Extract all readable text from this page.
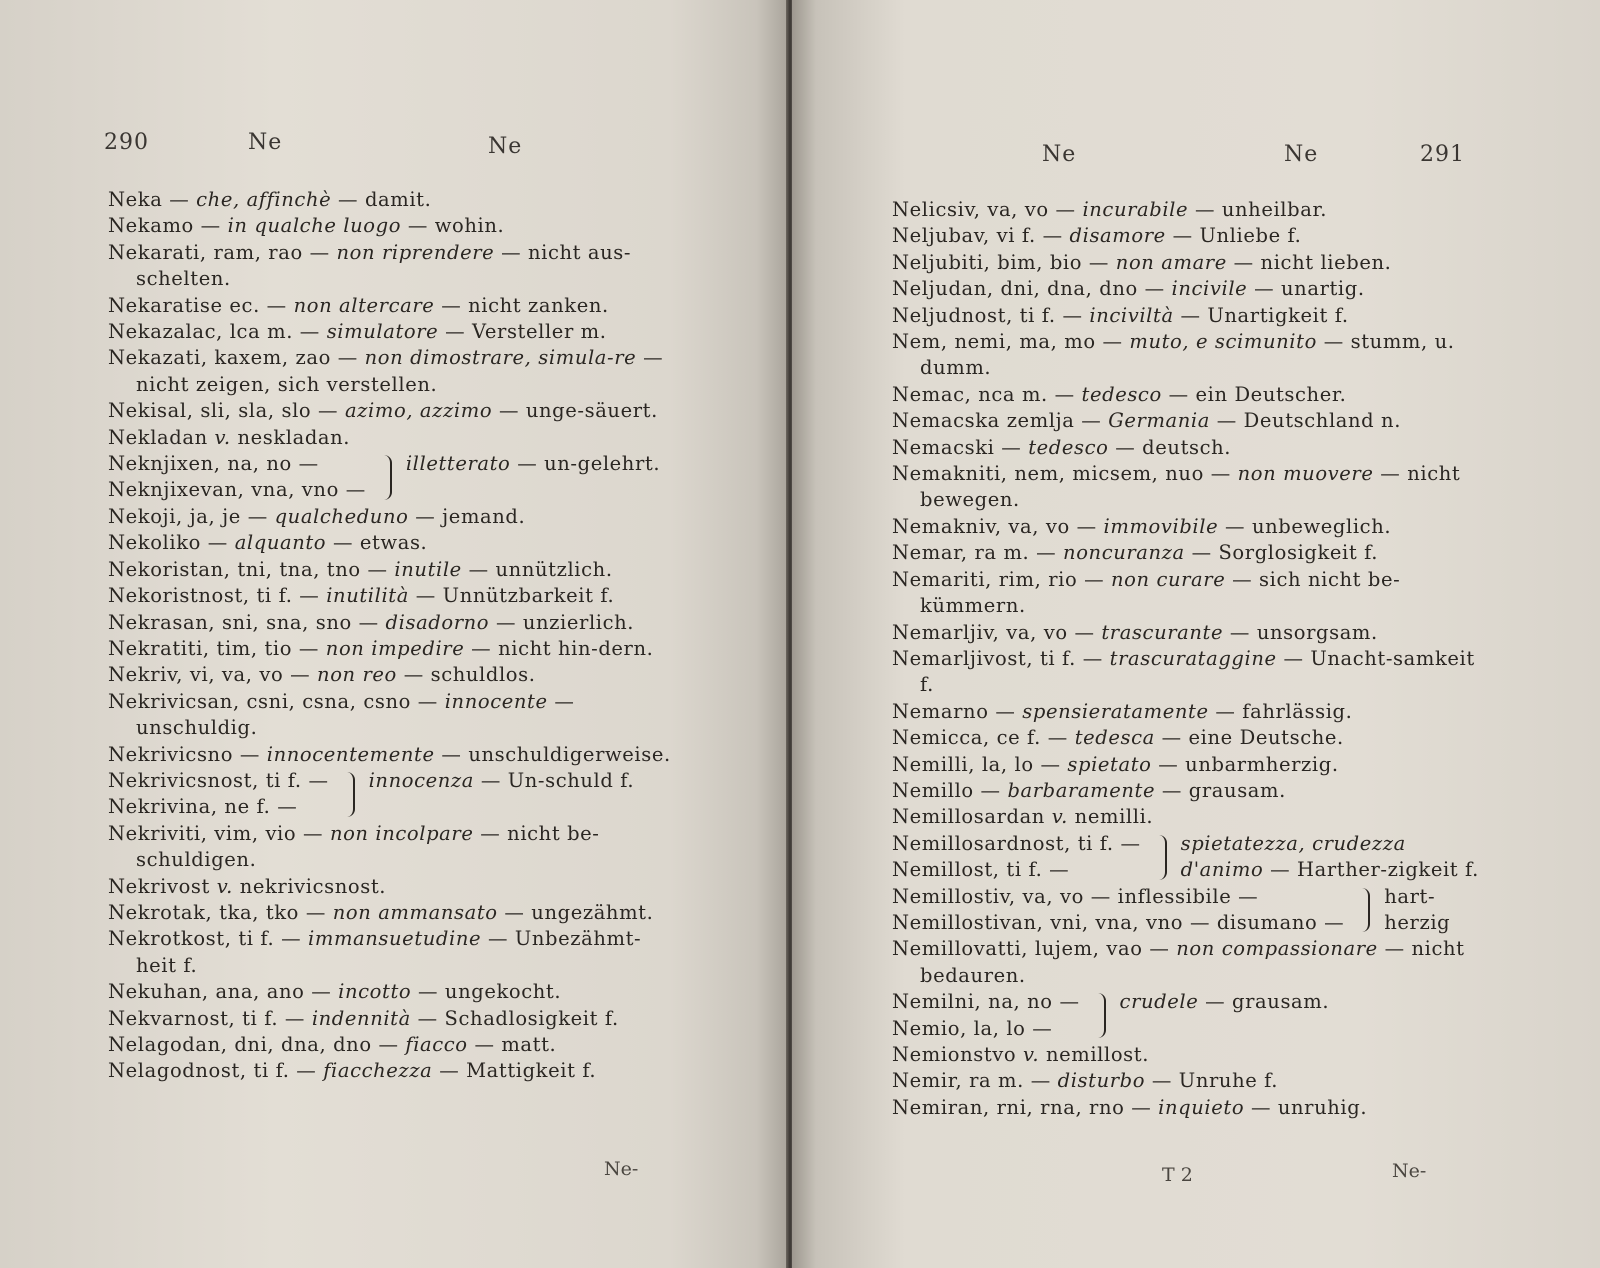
290	Ne	Ne
Neka — che, affinchè — damit.
Nekamo — in qualche luogo — wohin.
Nekarati, ram, rao — non riprendere — nicht aus-schelten.
Nekaratise ec. — non altercare — nicht zanken.
Nekazalac, lca m. — simulatore — Versteller m.
Nekazati, kaxem, zao — non dimostrare, simula-re — nicht zeigen, sich verstellen.
Nekisal, sli, sla, slo — azimo, azzimo — unge-säuert.
Nekladan v. neskladan.
Neknjixen, na, no —
Neknjixevan, vna, vno —
illetterato — un-gelehrt.
Nekoji, ja, je — qualcheduno — jemand.
Nekoliko — alquanto — etwas.
Nekoristan, tni, tna, tno — inutile — unnützlich.
Nekoristnost, ti f. — inutilità — Unnützbarkeit f.
Nekrasan, sni, sna, sno — disadorno — unzierlich.
Nekratiti, tim, tio — non impedire — nicht hin-dern.
Nekriv, vi, va, vo — non reo — schuldlos.
Nekrivicsan, csni, csna, csno — innocente — unschuldig.
Nekrivicsno — innocentemente — unschuldigerweise.
Nekrivicsnost, ti f. —
Nekrivina, ne f. —
innocenza — Un-schuld f.
Nekriviti, vim, vio — non incolpare — nicht be-schuldigen.
Nekrivost v. nekrivicsnost.
Nekrotak, tka, tko — non ammansato — ungezähmt.
Nekrotkost, ti f. — immansuetudine — Unbezähmt-heit f.
Nekuhan, ana, ano — incotto — ungekocht.
Nekvarnost, ti f. — indennità — Schadlosigkeit f.
Nelagodan, dni, dna, dno — fiacco — matt.
Nelagodnost, ti f. — fiacchezza — Mattigkeit f.
Ne-
Ne	Ne	291
Nelicsiv, va, vo — incurabile — unheilbar.
Neljubav, vi f. — disamore — Unliebe f.
Neljubiti, bim, bio — non amare — nicht lieben.
Neljudan, dni, dna, dno — incivile — unartig.
Neljudnost, ti f. — inciviltà — Unartigkeit f.
Nem, nemi, ma, mo — muto, e scimunito — stumm, u. dumm.
Nemac, nca m. — tedesco — ein Deutscher.
Nemacska zemlja — Germania — Deutschland n.
Nemacski — tedesco — deutsch.
Nemakniti, nem, micsem, nuo — non muovere — nicht bewegen.
Nemakniv, va, vo — immovibile — unbeweglich.
Nemar, ra m. — noncuranza — Sorglosigkeit f.
Nemariti, rim, rio — non curare — sich nicht be-kümmern.
Nemarljiv, va, vo — trascurante — unsorgsam.
Nemarljivost, ti f. — trascurataggine — Unacht-samkeit f.
Nemarno — spensieratamente — fahrlässig.
Nemicca, ce f. — tedesca — eine Deutsche.
Nemilli, la, lo — spietato — unbarmherzig.
Nemillo — barbaramente — grausam.
Nemillosardan v. nemilli.
Nemillosardnost, ti f. —
Nemillost, ti f. —
spietatezza, crudezza d'animo — Harther-zigkeit f.
Nemillostiv, va, vo — inflessibile —
Nemillostivan, vni, vna, vno — disumano —
hart-herzig
Nemillovatti, lujem, vao — non compassionare — nicht bedauren.
Nemilni, na, no —
Nemio, la, lo —
crudele — grausam.
Nemionstvo v. nemillost.
Nemir, ra m. — disturbo — Unruhe f.
Nemiran, rni, rna, rno — inquieto — unruhig.
T 2	Ne-
